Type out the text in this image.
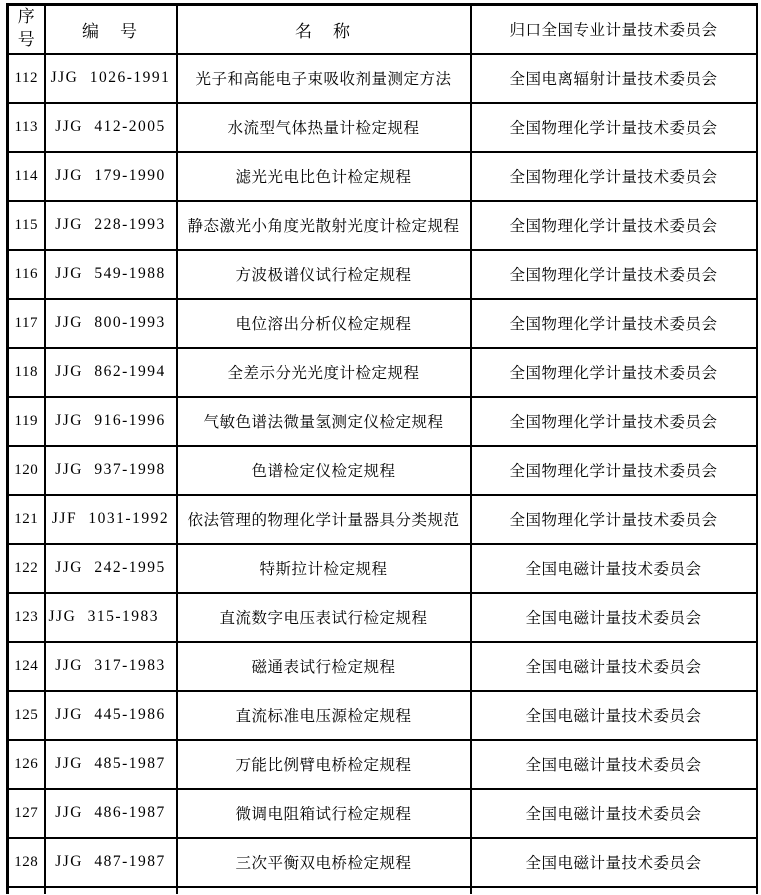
序号	编　号	名　称	归口全国专业计量技术委员会
112	JJG 1026-1991	光子和高能电子束吸收剂量测定方法	全国电离辐射计量技术委员会
113	JJG 412-2005	水流型气体热量计检定规程	全国物理化学计量技术委员会
114	JJG 179-1990	滤光光电比色计检定规程	全国物理化学计量技术委员会
115	JJG 228-1993	静态激光小角度光散射光度计检定规程	全国物理化学计量技术委员会
116	JJG 549-1988	方波极谱仪试行检定规程	全国物理化学计量技术委员会
117	JJG 800-1993	电位溶出分析仪检定规程	全国物理化学计量技术委员会
118	JJG 862-1994	全差示分光光度计检定规程	全国物理化学计量技术委员会
119	JJG 916-1996	气敏色谱法微量氢测定仪检定规程	全国物理化学计量技术委员会
120	JJG 937-1998	色谱检定仪检定规程	全国物理化学计量技术委员会
121	JJF 1031-1992	依法管理的物理化学计量器具分类规范	全国物理化学计量技术委员会
122	JJG 242-1995	特斯拉计检定规程	全国电磁计量技术委员会
123	JJG 315-1983	直流数字电压表试行检定规程	全国电磁计量技术委员会
124	JJG 317-1983	磁通表试行检定规程	全国电磁计量技术委员会
125	JJG 445-1986	直流标准电压源检定规程	全国电磁计量技术委员会
126	JJG 485-1987	万能比例臂电桥检定规程	全国电磁计量技术委员会
127	JJG 486-1987	微调电阻箱试行检定规程	全国电磁计量技术委员会
128	JJG 487-1987	三次平衡双电桥检定规程	全国电磁计量技术委员会
